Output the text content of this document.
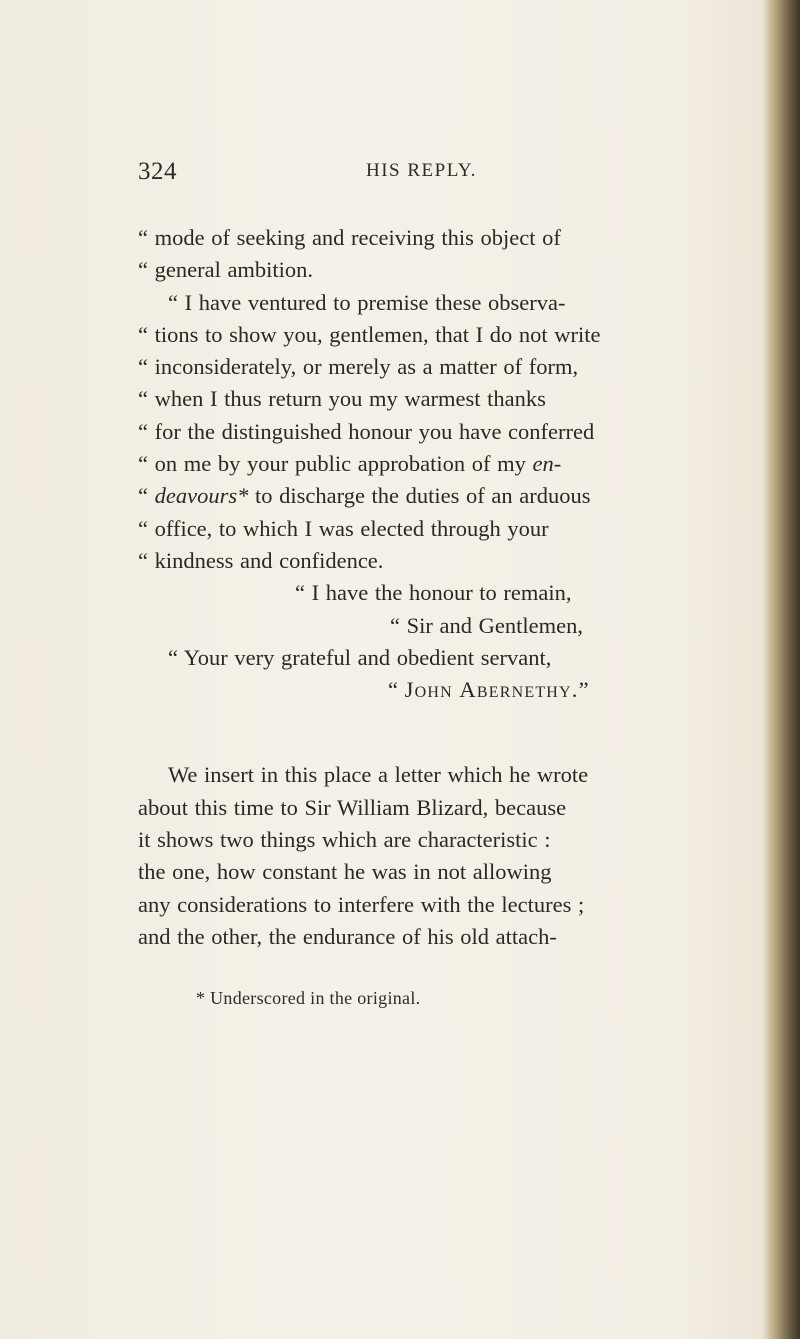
324	HIS REPLY.
“ mode of seeking and receiving this object of
“ general ambition.
“ I have ventured to premise these observa-
“ tions to show you, gentlemen, that I do not write
“ inconsiderately, or merely as a matter of form,
“ when I thus return you my warmest thanks
“ for the distinguished honour you have conferred
“ on me by your public approbation of my en-
“ deavours* to discharge the duties of an arduous
“ office, to which I was elected through your
“ kindness and confidence.
“ I have the honour to remain,
“ Sir and Gentlemen,
“ Your very grateful and obedient servant,
“ John Abernethy.”
We insert in this place a letter which he wrote
about this time to Sir William Blizard, because
it shows two things which are characteristic :
the one, how constant he was in not allowing
any considerations to interfere with the lectures ;
and the other, the endurance of his old attach-
* Underscored in the original.
